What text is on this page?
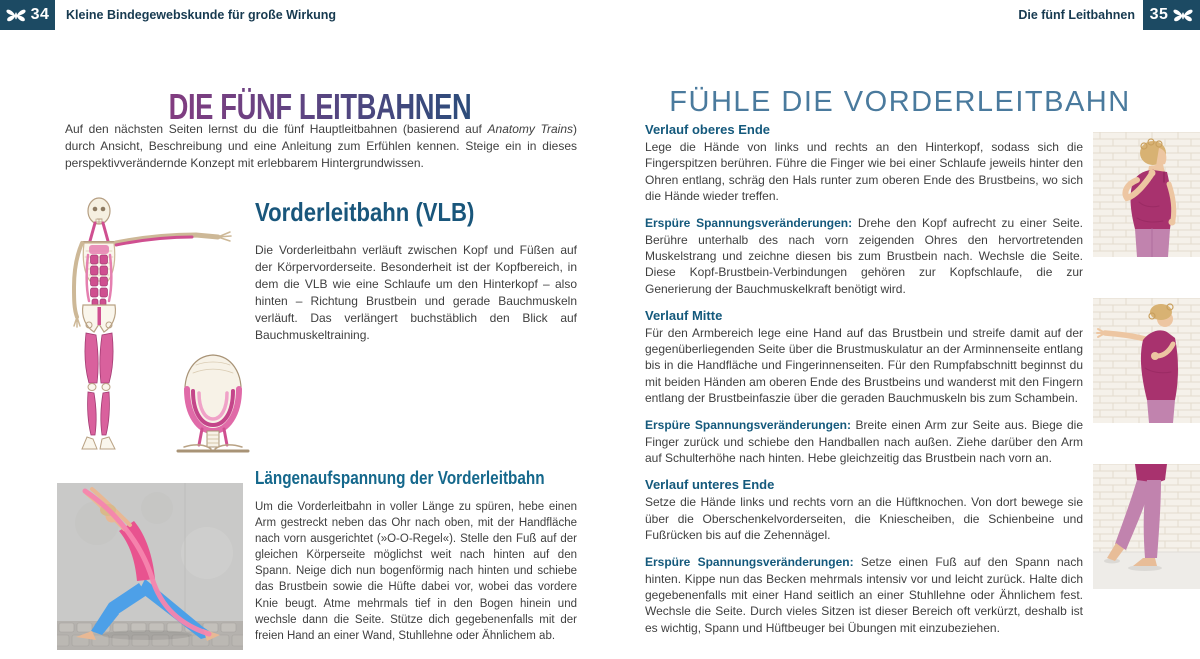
34 Kleine Bindegewebskunde für große Wirkung
DIE FÜNF LEITBAHNEN

Auf den nächsten Seiten lernst du die fünf Hauptleitbahnen (basierend auf Anatomy Trains) durch Ansicht, Beschreibung und eine Anleitung zum Erfühlen kennen. Steige ein in dieses perspektivverändernde Konzept mit erlebbarem Hintergrundwissen.

Vorderleitbahn (VLB)

Die Vorderleitbahn verläuft zwischen Kopf und Füßen auf der Körpervorderseite. Besonderheit ist der Kopfbereich, in dem die VLB wie eine Schlaufe um den Hinterkopf – also hinten – Richtung Brustbein und gerade Bauchmuskeln verläuft. Das verlängert buchstäblich den Blick auf Bauchmuskeltraining.

Längenaufspannung der Vorderleitbahn

Um die Vorderleitbahn in voller Länge zu spüren, hebe einen Arm gestreckt neben das Ohr nach oben, mit der Handfläche nach vorn ausgerichtet (»O-O-Regel«). Stelle den Fuß auf der gleichen Körperseite möglichst weit nach hinten auf den Spann. Neige dich nun bogenförmig nach hinten und schiebe das Brustbein sowie die Hüfte dabei vor, wobei das vordere Knie beugt. Atme mehrmals tief in den Bogen hinein und wechsle dann die Seite. Stütze dich gegebenenfalls mit der freien Hand an einer Wand, Stuhllehne oder Ähnlichem ab.

Die fünf Leitbahnen 35
FÜHLE DIE VORDERLEITBAHN
Verlauf oberes Ende

Lege die Hände von links und rechts an den Hinterkopf, sodass sich die Fingerspitzen berühren. Führe die Finger wie bei einer Schlaufe jeweils hinter den Ohren entlang, schräg den Hals runter zum oberen Ende des Brustbeins, wo sich die Hände wieder treffen.

Erspüre Spannungsveränderungen: Drehe den Kopf aufrecht zu einer Seite. Berühre unterhalb des nach vorn zeigenden Ohres den hervortretenden Muskelstrang und zeichne diesen bis zum Brustbein nach. Wechsle die Seite. Diese Kopf-Brustbein-Verbindungen gehören zur Kopfschlaufe, die zur Generierung der Bauchmuskelkraft benötigt wird.

Verlauf Mitte

Für den Armbereich lege eine Hand auf das Brustbein und streife damit auf der gegenüberliegenden Seite über die Brustmuskulatur an der Arminnenseite entlang bis in die Handfläche und Fingerinnenseiten. Für den Rumpfabschnitt beginnst du mit beiden Händen am oberen Ende des Brustbeins und wanderst mit den Fingern entlang der Brustbeinfaszie über die geraden Bauchmuskeln bis zum Schambein.

Erspüre Spannungsveränderungen: Breite einen Arm zur Seite aus. Biege die Finger zurück und schiebe den Handballen nach außen. Ziehe darüber den Arm auf Schulterhöhe nach hinten. Hebe gleichzeitig das Brustbein nach vorn an.

Verlauf unteres Ende

Setze die Hände links und rechts vorn an die Hüftknochen. Von dort bewege sie über die Oberschenkelvorderseiten, die Kniescheiben, die Schienbeine und Fußrücken bis auf die Zehennägel.

Erspüre Spannungsveränderungen: Setze einen Fuß auf den Spann nach hinten. Kippe nun das Becken mehrmals intensiv vor und leicht zurück. Halte dich gegebenenfalls mit einer Hand seitlich an einer Stuhllehne oder Ähnlichem fest. Wechsle die Seite. Durch vieles Sitzen ist dieser Bereich oft verkürzt, deshalb ist es wichtig, Spann und Hüftbeuger bei Übungen mit einzubeziehen.
